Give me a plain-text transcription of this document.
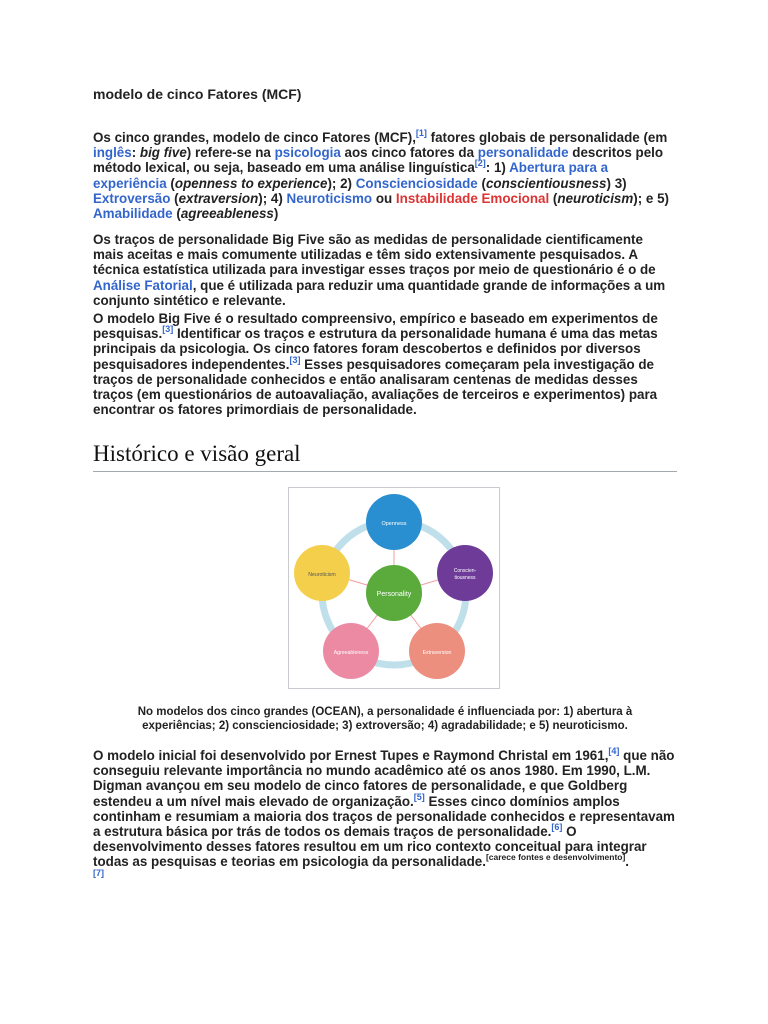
modelo de cinco Fatores (MCF)
Os cinco grandes, modelo de cinco Fatores (MCF),[1] fatores globais de personalidade (em inglês: big five) refere-se na psicologia aos cinco fatores da personalidade descritos pelo método lexical, ou seja, baseado em uma análise linguística[2]: 1) Abertura para a experiência (openness to experience); 2) Conscienciosidade (conscientiousness) 3) Extroversão (extraversion); 4) Neuroticismo ou Instabilidade Emocional (neuroticism); e 5) Amabilidade (agreeableness)
Os traços de personalidade Big Five são as medidas de personalidade cientificamente mais aceitas e mais comumente utilizadas e têm sido extensivamente pesquisados. A técnica estatística utilizada para investigar esses traços por meio de questionário é o de Análise Fatorial, que é utilizada para reduzir uma quantidade grande de informações a um conjunto sintético e relevante.
O modelo Big Five é o resultado compreensivo, empírico e baseado em experimentos de pesquisas.[3] Identificar os traços e estrutura da personalidade humana é uma das metas principais da psicologia. Os cinco fatores foram descobertos e definidos por diversos pesquisadores independentes.[3] Esses pesquisadores começaram pela investigação de traços de personalidade conhecidos e então analisaram centenas de medidas desses traços (em questionários de autoavaliação, avaliações de terceiros e experimentos) para encontrar os fatores primordiais de personalidade.
Histórico e visão geral
Openness
Conscien-
tiousness
Extraversion
Agreeableness
Neuroticism
Personality
No modelos dos cinco grandes (OCEAN), a personalidade é influenciada por: 1) abertura à experiências; 2) conscienciosidade; 3) extroversão; 4) agradabilidade; e 5) neuroticismo.
O modelo inicial foi desenvolvido por Ernest Tupes e Raymond Christal em 1961,[4] que não conseguiu relevante importância no mundo acadêmico até os anos 1980. Em 1990, L.M. Digman avançou em seu modelo de cinco fatores de personalidade, e que Goldberg estendeu a um nível mais elevado de organização.[5] Esses cinco domínios amplos continham e resumiam a maioria dos traços de personalidade conhecidos e representavam a estrutura básica por trás de todos os demais traços de personalidade.[6] O desenvolvimento desses fatores resultou em um rico contexto conceitual para integrar todas as pesquisas e teorias em psicologia da personalidade.[carece fontes e desenvolvimento].
[7]
